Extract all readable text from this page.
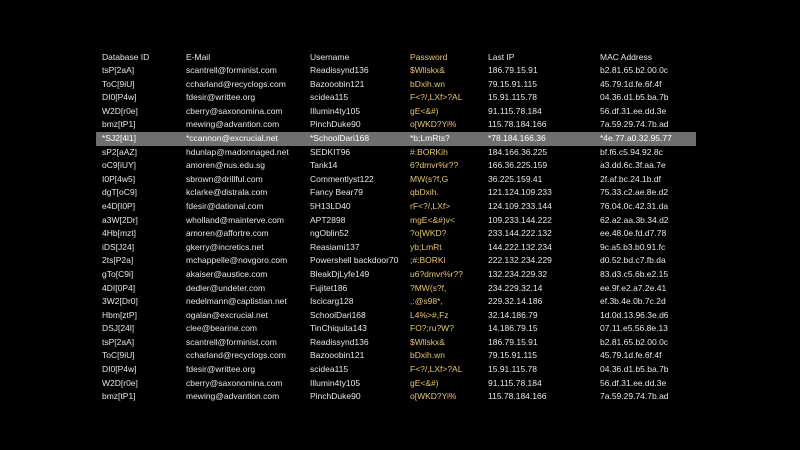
Database ID	E-Mail	Username	Password	Last IP	MAC Address
tsP[2aA]	scantrell@forminist.com	Readissynd136	$Wllskx&	186.79.15.91	b2.81.65.b2.00.0c
ToC[9iU]	ccharland@recyclogs.com	Bazooobin121	bDxih.wn	79.15.91.115	45.79.1d.fe.6f.4f
DI0[P4w]	fdesir@writtee.org	scidea115	F<?/,LXf>?AL	15.91.115.78	04.36.d1.b5.ba.7b
W2D[r0e]	cberry@saxonomina.com	Illumin4ty105	gE<&#)	91.115.78.184	56.df.31.ee.dd.3e
bmz[tP1]	mewing@advantion.com	PinchDuke90	o[WKD?Yi%	115.78.184.166	7a.59.29.74.7b.ad
*SJ2[4l1]	*ccannon@excrucial.net	*SchoolDari168	*b;LmRts?	*78.184.166.36	*4e.77.a0.32.95.77
sP2[aAZ]	hdunlap@madonnaged.net	SEDKIT96	#:BORKih	184.166.36.225	bf.f6.c5.94.92.8c
oC9[iUY]	amoren@nus.edu.sg	Tank14	6?dmvr%r??	166.36.225.159	a3.dd.6c.3f.aa.7e
I0P[4w5]	sbrown@drillful.com	Commentlyst122	MW(s?f,G	36.225.159.41	2f.af.bc.24.1b.df
dgT[oC9]	kclarke@distrala.com	Fancy Bear79	qbDxih.	121.124.109.233	75.33.c2.ae.8e.d2
e4D[I0P]	fdesir@dational.com	5H13LD40	rF<?/,LXf>	124.109.233.144	76.04.0c.42.31.da
a3W[2Dr]	wholland@mainterve.com	APT2898	mgE<&#)v<	109.233.144.222	62.a2.aa.3b.34.d2
4Hb[mzt]	amoren@affortre.com	ngOblin52	?o[WKD?	233.144.222.132	ee.48.0e.fd.d7.78
iDS[J24]	gkerry@incretics.net	Reasiami137	yb;LmRt	144.222.132.234	9c.a5.b3.b0.91.fc
2ts[P2a]	mchappelle@novgoro.com	Powershell backdoor70	;#:BORKi	222.132.234.229	d0.52.bd.c7.fb.da
gTo[C9i]	akaiser@austice.com	BleakDjLyfe149	u6?dmvr%r??	132.234.229.32	83.d3.c5.6b.e2.15
4DI[0P4]	dedler@undeter.com	Fujitet186	?MW(s?f,	234.229.32.14	ee.9f.e2.a7.2e.41
3W2[Dr0]	nedelmann@captistian.net	Iscicarg128	,:@s98*,	229.32.14.186	ef.3b.4e.0b.7c.2d
Hbm[ztP]	ogalan@excrucial.net	SchoolDari168	L4%>#,Fz	32.14.186.79	1d.0d.13.96.3e.d6
DSJ[24l]	clee@bearine.com	TinChiquita143	FO?;ru?W?	14.186.79.15	07.11.e5.56.8e.13
tsP[2aA]	scantrell@forminist.com	Readissynd136	$Wllskx&	186.79.15.91	b2.81.65.b2.00.0c
ToC[9iU]	ccharland@recyclogs.com	Bazooobin121	bDxih.wn	79.15.91.115	45.79.1d.fe.6f.4f
DI0[P4w]	fdesir@writtee.org	scidea115	F<?/,LXf>?AL	15.91.115.78	04.36.d1.b5.ba.7b
W2D[r0e]	cberry@saxonomina.com	Illumin4ty105	gE<&#)	91.115.78.184	56.df.31.ee.dd.3e
bmz[tP1]	mewing@advantion.com	PinchDuke90	o[WKD?Yi%	115.78.184.166	7a.59.29.74.7b.ad
